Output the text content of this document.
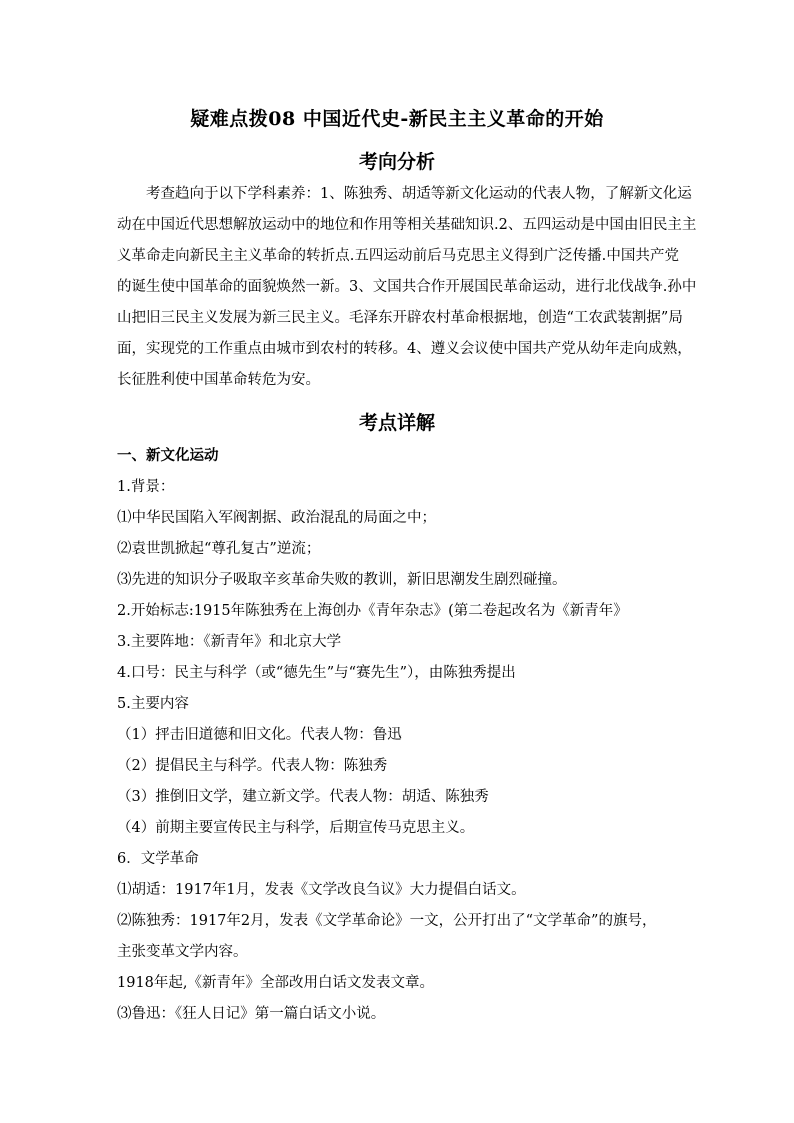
疑难点拨08 中国近代史-新民主主义革命的开始
考向分析
考查趋向于以下学科素养：1、陈独秀、胡适等新文化运动的代表人物，了解新文化运
动在中国近代思想解放运动中的地位和作用等相关基础知识.2、五四运动是中国由旧民主主
义革命走向新民主主义革命的转折点.五四运动前后马克思主义得到广泛传播.中国共产党
的诞生使中国革命的面貌焕然一新。3、文国共合作开展国民革命运动，进行北伐战争.孙中
山把旧三民主义发展为新三民主义。毛泽东开辟农村革命根据地，创造“工农武装割据”局
面，实现党的工作重点由城市到农村的转移。4、遵义会议使中国共产党从幼年走向成熟，
长征胜利使中国革命转危为安。
考点详解
一、新文化运动
1.背景：
⑴中华民国陷入军阀割据、政治混乱的局面之中；
⑵袁世凯掀起“尊孔复古”逆流；
⑶先进的知识分子吸取辛亥革命失败的教训，新旧思潮发生剧烈碰撞。
2.开始标志:1915年陈独秀在上海创办《青年杂志》(第二卷起改名为《新青年》
3.主要阵地：《新青年》和北京大学
4.口号：民主与科学（或“德先生”与“赛先生”），由陈独秀提出
5.主要内容
（1）抨击旧道德和旧文化。代表人物：鲁迅
（2）提倡民主与科学。代表人物：陈独秀
（3）推倒旧文学，建立新文学。代表人物：胡适、陈独秀
（4）前期主要宣传民主与科学，后期宣传马克思主义。
6．文学革命
⑴胡适：1917年1月，发表《文学改良刍议》大力提倡白话文。
⑵陈独秀：1917年2月，发表《文学革命论》一文，公开打出了“文学革命”的旗号，
主张变革文学内容。
1918年起,《新青年》全部改用白话文发表文章。
⑶鲁迅：《狂人日记》第一篇白话文小说。
